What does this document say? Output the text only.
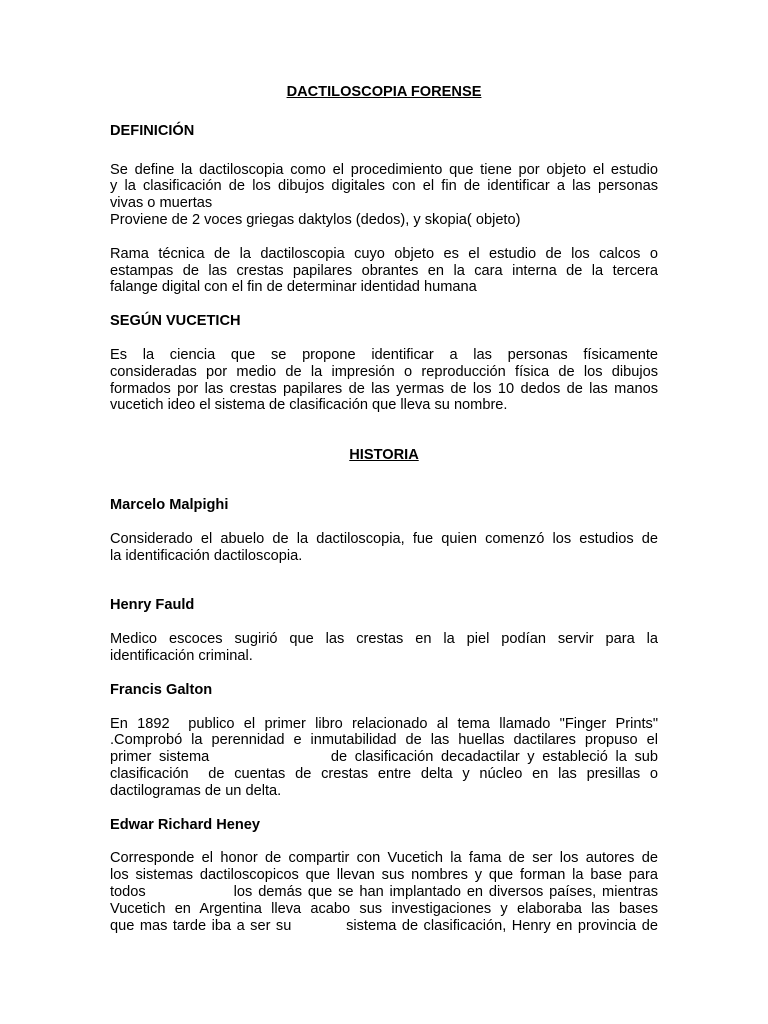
DACTILOSCOPIA FORENSE
DEFINICIÓN

Se define la dactiloscopia como el procedimiento que tiene por objeto el estudio
y la clasificación de los dibujos digitales con el fin de identificar a las personas
vivas o muertas
Proviene de 2 voces griegas daktylos (dedos), y skopia( objeto)

Rama técnica de la dactiloscopia cuyo objeto es el estudio de los calcos o
estampas de las crestas papilares obrantes en la cara interna de la tercera
falange digital con el fin de determinar identidad humana

SEGÚN VUCETICH

Es la ciencia que se propone identificar a las personas físicamente
consideradas por medio de la impresión o reproducción física de los dibujos
formados por las crestas papilares de las yermas de los 10 dedos de las manos
vucetich ideo el sistema de clasificación que lleva su nombre.

HISTORIA
Marcelo Malpighi

Considerado el abuelo de la dactiloscopia, fue quien comenzó los estudios de
la identificación dactiloscopia.

Henry Fauld

Medico escoces sugirió que las crestas en la piel podían servir para la
identificación criminal.

Francis Galton

En 1892  publico el primer libro relacionado al tema llamado "Finger Prints"
.Comprobó la perennidad e inmutabilidad de las huellas dactilares propuso el
primer sistema                de clasificación decadactilar y estableció la sub
clasificación  de cuentas de crestas entre delta y núcleo en las presillas o
dactilogramas de un delta.

Edwar Richard Heney

Corresponde el honor de compartir con Vucetich la fama de ser los autores de
los sistemas dactiloscopicos que llevan sus nombres y que forman la base para
todos               los demás que se han implantado en diversos países, mientras
Vucetich en Argentina lleva acabo sus investigaciones y elaboraba las bases
que mas tarde iba a ser su          sistema de clasificación, Henry en provincia de
